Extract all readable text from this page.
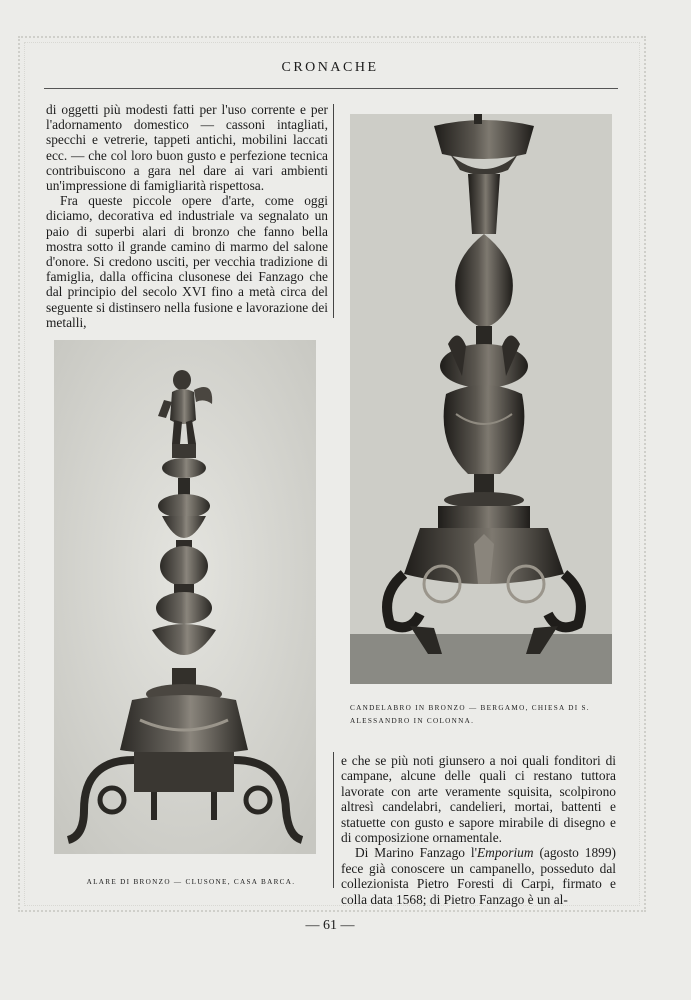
CRONACHE

di oggetti più modesti fatti per l'uso corrente e per l'adornamento domestico — cassoni intagliati, specchi e vetrerie, tappeti antichi, mobilini laccati ecc. — che col loro buon gusto e perfezione tecnica contribuiscono a gara nel dare ai vari ambienti un'impressione di famigliarità rispettosa.

Fra queste piccole opere d'arte, come oggi diciamo, decorativa ed industriale va segnalato un paio di superbi alari di bronzo che fanno bella mostra sotto il grande camino di marmo del salone d'onore. Si credono usciti, per vecchia tradizione di famiglia, dalla officina clusonese dei Fanzago che dal principio del secolo XVI fino a metà circa del seguente si distinsero nella fusione e lavorazione dei metalli,

ALARE DI BRONZO — CLUSONE, CASA BARCA.
CANDELABRO IN BRONZO — BERGAMO, CHIESA DI S. ALESSANDRO IN COLONNA.

e che se più noti giunsero a noi quali fonditori di campane, alcune delle quali ci restano tuttora lavorate con arte veramente squisita, scolpirono altresì candelabri, candelieri, mortai, battenti e statuette con gusto e sapore mirabile di disegno e di composizione ornamentale.

Di Marino Fanzago l'Emporium (agosto 1899) fece già conoscere un campanello, posseduto dal collezionista Pietro Foresti di Carpi, firmato e colla data 1568; di Pietro Fanzago è un al-

— 61 —
